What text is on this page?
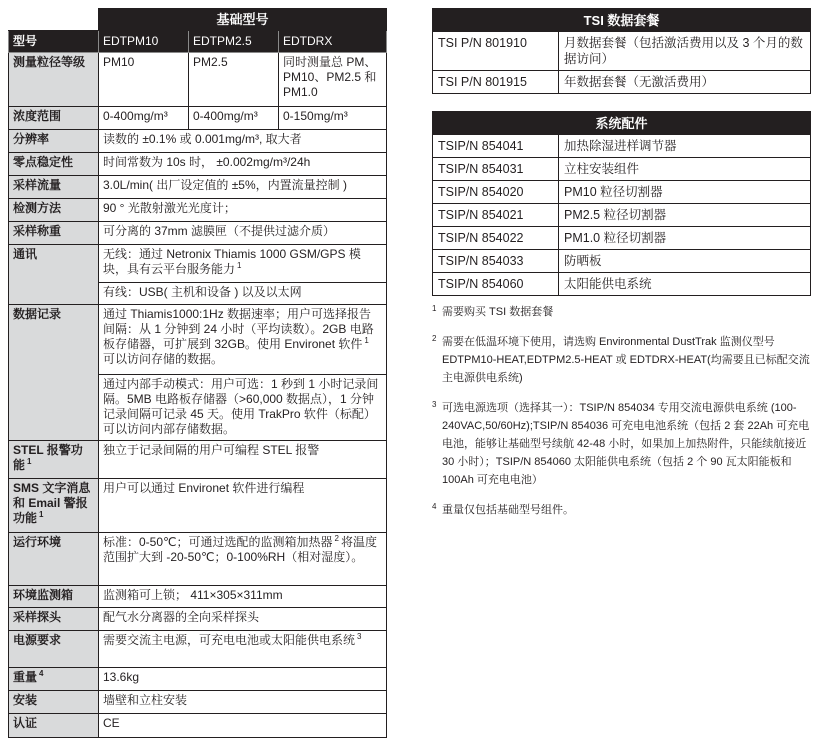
	基础型号		
型号	EDTPM10	EDTPM2.5	EDTDRX
测量粒径等级	PM10	PM2.5	同时测量总 PM、PM10、PM2.5 和 PM1.0
浓度范围	0-400mg/m³	0-400mg/m³	0-150mg/m³
分辨率	读数的 ±0.1% 或 0.001mg/m³, 取大者		
零点稳定性	时间常数为 10s 时， ±0.002mg/m³/24h		
采样流量	3.0L/min( 出厂设定值的 ±5%，内置流量控制 )		
检测方法	90 ° 光散射激光光度计；		
采样称重	可分离的 37mm 滤膜匣（不提供过滤介质）		
通讯	无线：通过 Netronix Thiamis 1000 GSM/GPS 模块，具有云平台服务能力 $^1$
	有线：USB( 主机和设备 ) 以及以太网		
数据记录	通过 Thiamis1000:1Hz 数据速率；用户可选择报告间隔：从 1 分钟到 24 小时（平均读数）。2GB 电路板存储器，可扩展到 32GB。使用 Environet 软件 $^1$可以访问存储的数据。		
	通过内部手动模式：用户可选：1 秒到 1 小时记录间隔。5MB 电路板存储器（>60,000 数据点），1 分钟记录间隔可记录 45 天。使用 TrakPro 软件（标配）可以访问内部存储数据。		
STEL 报警功能 $^1$	独立于记录间隔的用户可编程 STEL 报警		
SMS 文字消息和 Email 警报功能 $^1$	用户可以通过 Environet 软件进行编程		
运行环境	标准：0-50℃；可通过选配的监测箱加热器 $^2$ 将温度范围扩大到 -20-50℃；0-100%RH（相对湿度）。		
环境监测箱	监测箱可上锁； 411×305×311mm		
采样探头	配气水分离器的全向采样探头		
电源要求	需要交流主电源，可充电电池或太阳能供电系统 $^3$
重量 $^4$	13.6kg		
安装	墙壁和立柱安装		
认证	CE		
TSI 数据套餐	
TSI P/N 801910	月数据套餐（包括激活费用以及 3 个月的数据访问）
TSI P/N 801915	年数据套餐（无激活费用）
系统配件	
TSIP/N 854041	加热除湿进样调节器
TSIP/N 854031	立柱安装组件
TSIP/N 854020	PM10 粒径切割器
TSIP/N 854021	PM2.5 粒径切割器
TSIP/N 854022	PM1.0 粒径切割器
TSIP/N 854033	防晒板
TSIP/N 854060	太阳能供电系统
1 需要购买 TSI 数据套餐
2 需要在低温环境下使用，请选购 Environmental DustTrak 监测仪型号 EDTPM10-HEAT,EDTPM2.5-HEAT 或 EDTDRX-HEAT(均需要且已标配交流主电源供电系统)
3 可选电源选项（选择其一）：TSIP/N 854034 专用交流电源供电系统 (100-240VAC,50/60Hz);TSIP/N 854036 可充电电池系统（包括 2 套 22Ah 可充电电池，能够让基础型号续航 42-48 小时，如果加上加热附件，只能续航接近 30 小时）；TSIP/N 854060 太阳能供电系统（包括 2 个 90 瓦太阳能板和 100Ah 可充电电池）
4 重量仅包括基础型号组件。
